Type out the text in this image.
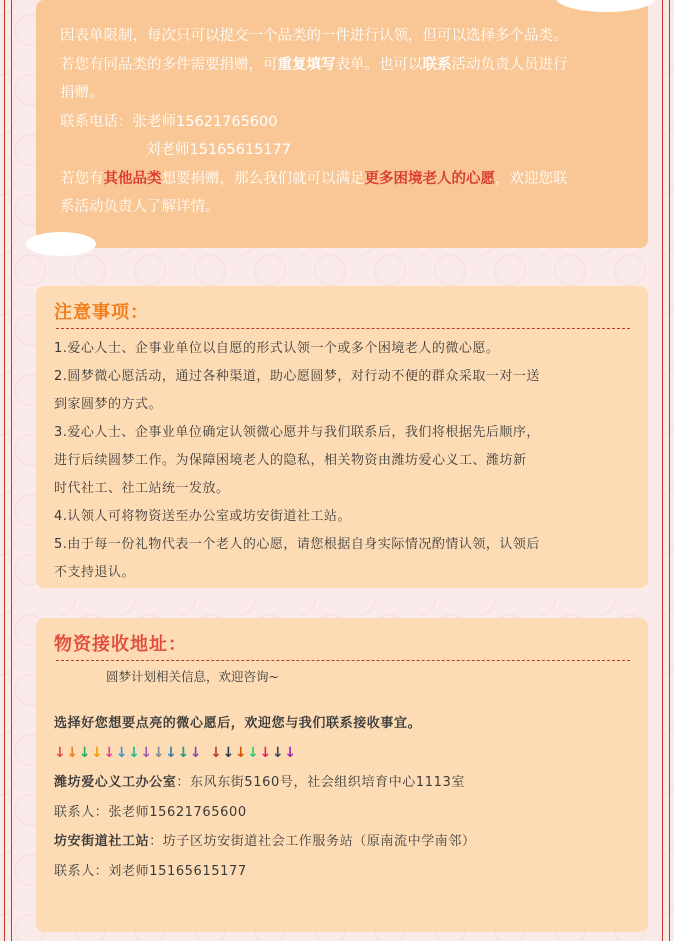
因表单限制，每次只可以提交一个品类的一件进行认领，但可以选择多个品类。

若您有同品类的多件需要捐赠，可重复填写表单。也可以联系活动负责人员进行

捐赠。

联系电话：张老师15621765600

刘老师15165615177

若您有其他品类想要捐赠，那么我们就可以满足更多困境老人的心愿，欢迎您联

系活动负责人了解详情。

注意事项：

1.爱心人士、企事业单位以自愿的形式认领一个或多个困境老人的微心愿。

2.圆梦微心愿活动，通过各种渠道，助心愿圆梦，对行动不便的群众采取一对一送

到家圆梦的方式。

3.爱心人士、企事业单位确定认领微心愿并与我们联系后，我们将根据先后顺序，

进行后续圆梦工作。为保障困境老人的隐私，相关物资由潍坊爱心义工、潍坊新

时代社工、社工站统一发放。

4.认领人可将物资送至办公室或坊安街道社工站。

5.由于每一份礼物代表一个老人的心愿，请您根据自身实际情况酌情认领，认领后

不支持退认。

物资接收地址：

圆梦计划相关信息，欢迎咨询~

选择好您想要点亮的微心愿后，欢迎您与我们联系接收事宜。

↓↓↓↓↓↓↓↓↓↓↓↓ ↓↓↓↓↓↓↓

潍坊爱心义工办公室：东风东街5160号，社会组织培育中心1113室

联系人：张老师15621765600

坊安街道社工站：坊子区坊安街道社会工作服务站（原南流中学南邻）

联系人：刘老师15165615177
